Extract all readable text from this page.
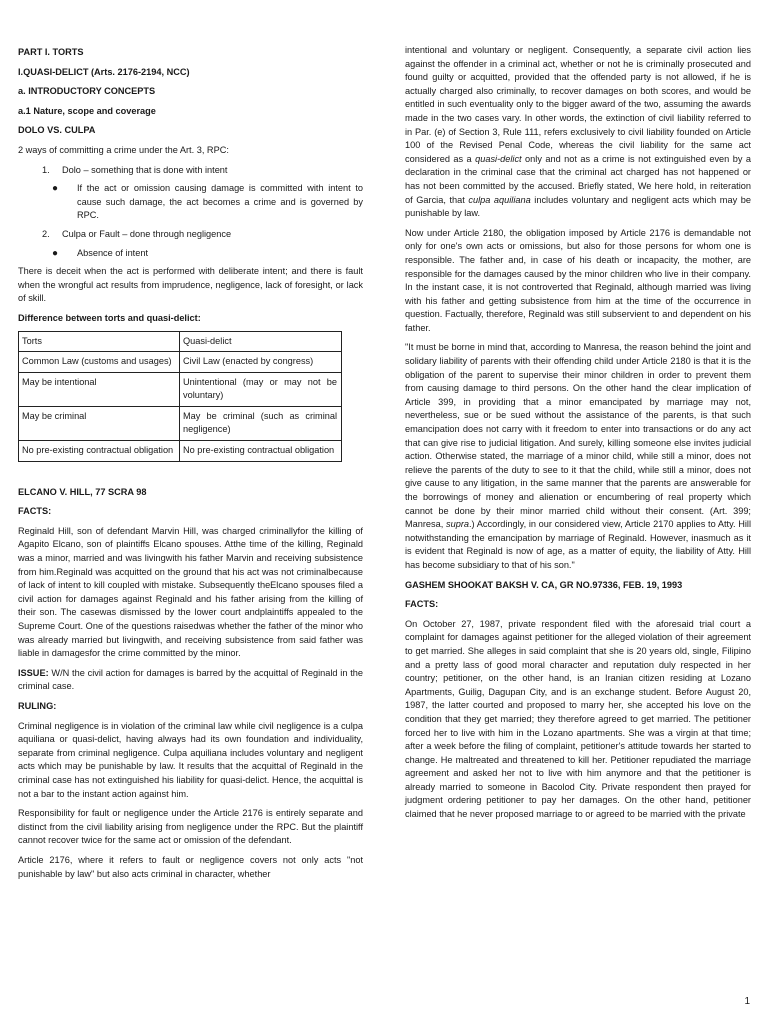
PART I. TORTS
I.QUASI-DELICT (Arts. 2176-2194, NCC)
a. INTRODUCTORY CONCEPTS
a.1 Nature, scope and coverage
DOLO VS. CULPA

2 ways of committing a crime under the Art. 3, RPC:

1. Dolo – something that is done with intent
● If the act or omission causing damage is committed with intent to cause such damage, the act becomes a crime and is governed by RPC.
2. Culpa or Fault – done through negligence
● Absence of intent

There is deceit when the act is performed with deliberate intent; and there is fault when the wrongful act results from imprudence, negligence, lack of foresight, or lack of skill.

Difference between torts and quasi-delict:
Torts	Quasi-delict
Common Law (customs and usages)	Civil Law (enacted by congress)
May be intentional	Unintentional (may or may not be voluntary)
May be criminal	May be criminal (such as criminal negligence)
No pre-existing contractual obligation	No pre-existing contractual obligation
ELCANO V. HILL, 77 SCRA 98
FACTS:

Reginald Hill, son of defendant Marvin Hill, was charged criminallyfor the killing of Agapito Elcano, son of plaintiffs Elcano spouses. Atthe time of the killing, Reginald was a minor, married and was livingwith his father Marvin and receiving subsistence from him.Reginald was acquitted on the ground that his act was not criminalbecause of lack of intent to kill coupled with mistake. Subsequently theElcano spouses filed a civil action for damages against Reginald and his father arising from the killing of their son. The casewas dismissed by the lower court andplaintiffs appealed to the Supreme Court. One of the questions raisedwas whether the father of the minor who was already married but livingwith, and receiving subsistence from said father was liable in damagesfor the crime committed by the minor.

ISSUE: W/N the civil action for damages is barred by the acquittal of Reginald in the criminal case.

RULING:

Criminal negligence is in violation of the criminal law while civil negligence is a culpa aquiliana or quasi-delict, having always had its own foundation and individuality, separate from criminal negligence. Culpa aquiliana includes voluntary and negligent acts which may be punishable by law. It results that the acquittal of Reginald in the criminal case has not extinguished his liability for quasi-delict. Hence, the acquittal is not a bar to the instant action against him.

Responsibility for fault or negligence under the Article 2176 is entirely separate and distinct from the civil liability arising from negligence under the RPC. But the plaintiff cannot recover twice for the same act or omission of the defendant.

Article 2176, where it refers to fault or negligence covers not only acts "not punishable by law" but also acts criminal in character, whether

intentional and voluntary or negligent. Consequently, a separate civil action lies against the offender in a criminal act, whether or not he is criminally prosecuted and found guilty or acquitted, provided that the offended party is not allowed, if he is actually charged also criminally, to recover damages on both scores, and would be entitled in such eventuality only to the bigger award of the two, assuming the awards made in the two cases vary. In other words, the extinction of civil liability referred to in Par. (e) of Section 3, Rule 111, refers exclusively to civil liability founded on Article 100 of the Revised Penal Code, whereas the civil liability for the same act considered as a quasi-delict only and not as a crime is not extinguished even by a declaration in the criminal case that the criminal act charged has not happened or has not been committed by the accused. Briefly stated, We here hold, in reiteration of Garcia, that culpa aquiliana includes voluntary and negligent acts which may be punishable by law.

Now under Article 2180, the obligation imposed by Article 2176 is demandable not only for one's own acts or omissions, but also for those persons for whom one is responsible. The father and, in case of his death or incapacity, the mother, are responsible for the damages caused by the minor children who live in their company. In the instant case, it is not controverted that Reginald, although married was living with his father and getting subsistence from him at the time of the occurrence in question. Factually, therefore, Reginald was still subservient to and dependent on his father.

"It must be borne in mind that, according to Manresa, the reason behind the joint and solidary liability of parents with their offending child under Article 2180 is that it is the obligation of the parent to supervise their minor children in order to prevent them from causing damage to third persons. On the other hand the clear implication of Article 399, in providing that a minor emancipated by marriage may not, nevertheless, sue or be sued without the assistance of the parents, is that such emancipation does not carry with it freedom to enter into transactions or do any act that can give rise to judicial litigation. And surely, killing someone else invites judicial action. Otherwise stated, the marriage of a minor child, while still a minor, does not relieve the parents of the duty to see to it that the child, while still a minor, does not give cause to any litigation, in the same manner that the parents are answerable for the borrowings of money and alienation or encumbering of real property which cannot be done by their minor married child without their consent. (Art. 399; Manresa, supra.) Accordingly, in our considered view, Article 2170 applies to Atty. Hill notwithstanding the emancipation by marriage of Reginald. However, inasmuch as it is evident that Reginald is now of age, as a matter of equity, the liability of Atty. Hill has become subsidiary to that of his son."

GASHEM SHOOKAT BAKSH V. CA, GR NO.97336, FEB. 19, 1993
FACTS:

On October 27, 1987, private respondent filed with the aforesaid trial court a complaint for damages against petitioner for the alleged violation of their agreement to get married. She alleges in said complaint that she is 20 years old, single, Filipino and a pretty lass of good moral character and reputation duly respected in her country; petitioner, on the other hand, is an Iranian citizen residing at Lozano Apartments, Guilig, Dagupan City, and is an exchange student. Before August 20, 1987, the latter courted and proposed to marry her, she accepted his love on the condition that they get married; they therefore agreed to get married. The petitioner forced her to live with him in the Lozano apartments. She was a virgin at that time; after a week before the filing of complaint, petitioner's attitude towards her started to change. He maltreated and threatened to kill her. Petitioner repudiated the marriage agreement and asked her not to live with him anymore and that the petitioner is already married to someone in Bacolod City. Private respondent then prayed for judgment ordering petitioner to pay her damages. On the other hand, petitioner claimed that he never proposed marriage to or agreed to be married with the private

1
